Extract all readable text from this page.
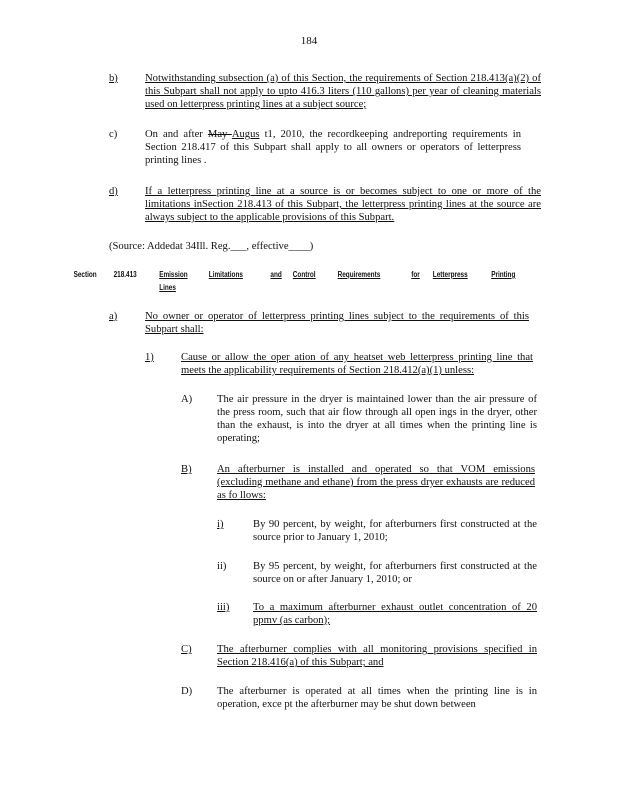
184
b)	Notwithstanding subsection (a) of this Section, the requirements of Section 218.413(a)(2) of this Subpart shall not apply to upto 416.3 liters (110 gallons) per year of cleaning materials used on letterpress printing lines at a subject source;
c)	On and after May Augus t1, 2010, the recordkeeping andreporting requirements in Section 218.417 of this Subpart shall apply to all owners or operators of letterpress printing lines .
d)	If a letterpress printing line at a source is or becomes subject to one or more of the limitations inSection 218.413 of this Subpart, the letterpress printing lines at the source are always subject to the applicable provisions of this Subpart.
(Source: Addedat 34Ill. Reg.___, effective____)
Section 218.413	Emission	Limitations	and Control	Requirements	for Letterpress	Printing
Lines
a)	No owner or operator of letterpress printing lines subject to the requirements of this Subpart shall:
1)	Cause or allow the oper ation of any heatset web letterpress printing line that meets the applicability requirements of Section 218.412(a)(1) unless:
A) The air pressure in the dryer is maintained lower than the air pressure of the press room, such that air flow through all open ings in the dryer, other than the exhaust, is into the dryer at all times when the printing line is operating;
B) An afterburner is installed and operated so that VOM emissions (excluding methane and ethane) from the press dryer exhausts are reduced as fo llows:
i)	By 90 percent, by weight, for afterburners first constructed at the source prior to January 1, 2010;
ii)	By 95 percent, by weight, for afterburners first constructed at the source on or after January 1, 2010; or
iii) To a maximum afterburner exhaust outlet concentration of 20 ppmv (as carbon);
C) The afterburner complies with all monitoring provisions specified in Section 218.416(a) of this Subpart; and
D) The afterburner is operated at all times when the printing line is in operation, exce pt the afterburner may be shut down between
